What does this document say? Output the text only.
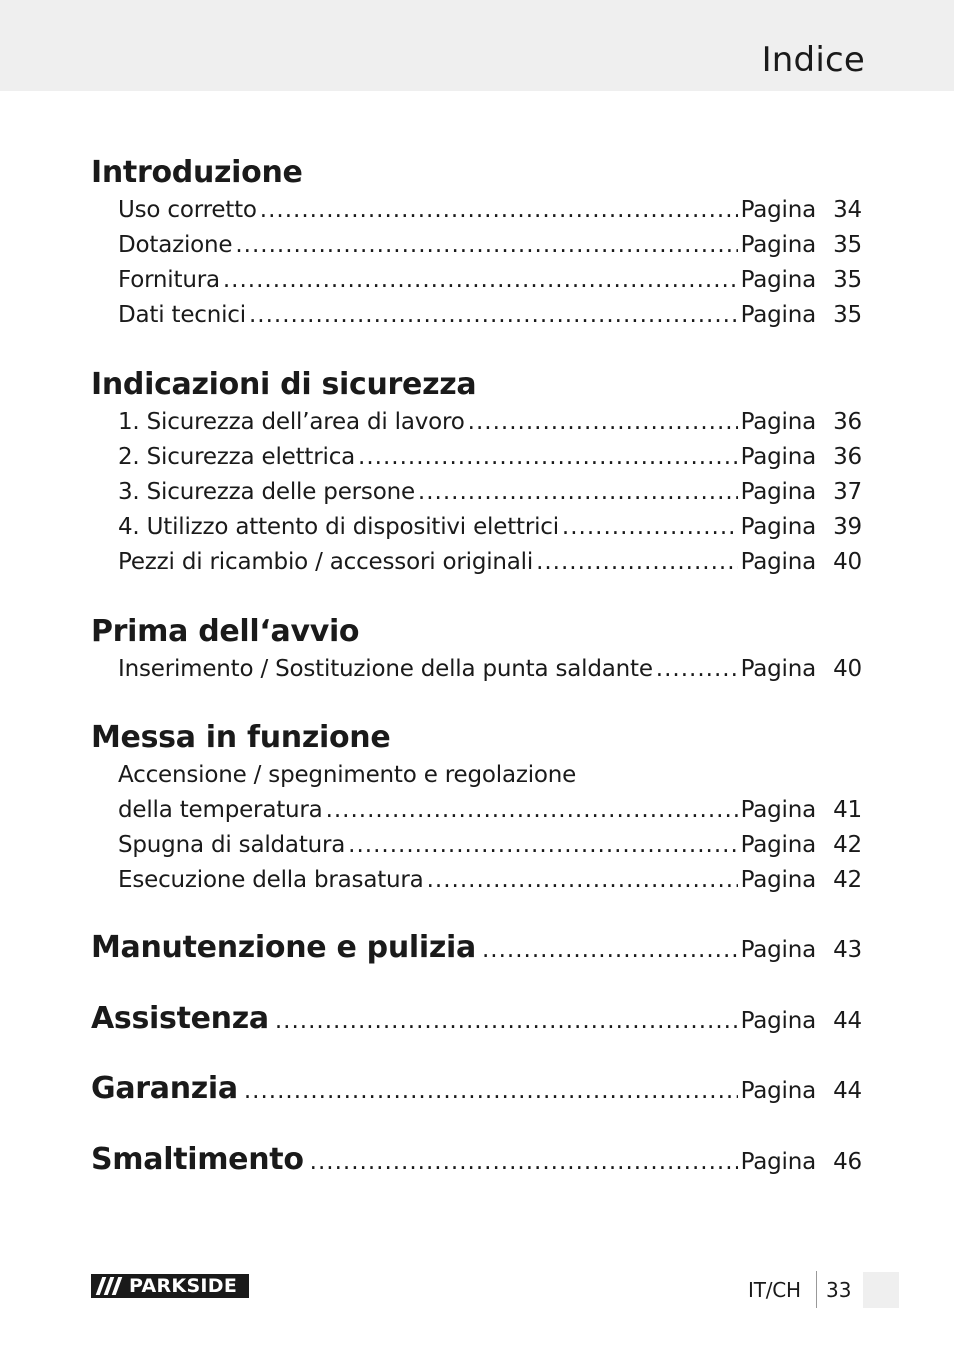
Indice
Introduzione
Uso corretto .....	Pagina 34
Dotazione .....	Pagina 35
Fornitura .....	Pagina 35
Dati tecnici .....	Pagina 35
Indicazioni di sicurezza
1. Sicurezza dell’area di lavoro .....	Pagina 36
2. Sicurezza elettrica .....	Pagina 36
3. Sicurezza delle persone .....	Pagina 37
4. Utilizzo attento di dispositivi elettrici .....	Pagina 39
Pezzi di ricambio / accessori originali .....	Pagina 40
Prima dell‘avvio
Inserimento / Sostituzione della punta saldante .....	Pagina 40
Messa in funzione
Accensione / spegnimento e regolazione
della temperatura .....	Pagina 41
Spugna di saldatura .....	Pagina 42
Esecuzione della brasatura .....	Pagina 42
Manutenzione e pulizia .....	Pagina 43
Assistenza .....	Pagina 44
Garanzia .....	Pagina 44
Smaltimento .....	Pagina 46
PARKSIDE	IT/CH 33
